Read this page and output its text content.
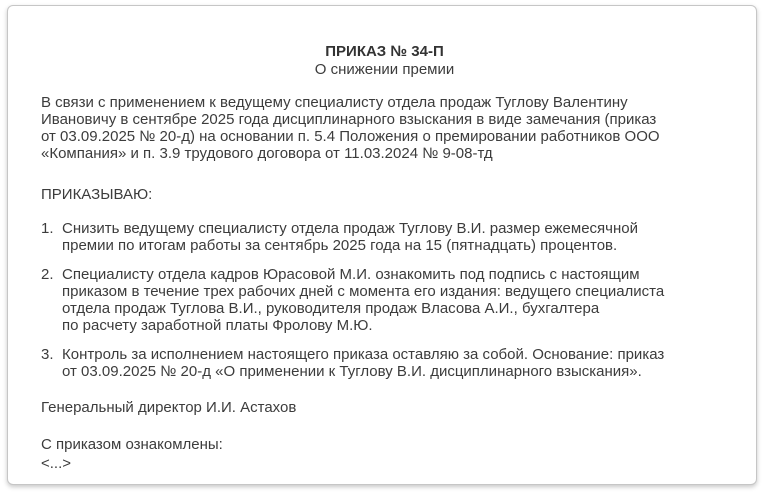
ПРИКАЗ № 34-П
О снижении премии

В связи с применением к ведущему специалисту отдела продаж Туглову Валентину
Ивановичу в сентябре 2025 года дисциплинарного взыскания в виде замечания (приказ
от 03.09.2025 № 20-д) на основании п. 5.4 Положения о премировании работников ООО
«Компания» и п. 3.9 трудового договора от 11.03.2024 № 9-08-тд

ПРИКАЗЫВАЮ:

1. Снизить ведущему специалисту отдела продаж Туглову В.И. размер ежемесячной
премии по итогам работы за сентябрь 2025 года на 15 (пятнадцать) процентов.
2. Специалисту отдела кадров Юрасовой М.И. ознакомить под подпись с настоящим
приказом в течение трех рабочих дней с момента его издания: ведущего специалиста
отдела продаж Туглова В.И., руководителя продаж Власова А.И., бухгалтера
по расчету заработной платы Фролову М.Ю.
3. Контроль за исполнением настоящего приказа оставляю за собой. Основание: приказ
от 03.09.2025 № 20-д «О применении к Туглову В.И. дисциплинарного взыскания».

Генеральный директор И.И. Астахов

С приказом ознакомлены:

<...>
